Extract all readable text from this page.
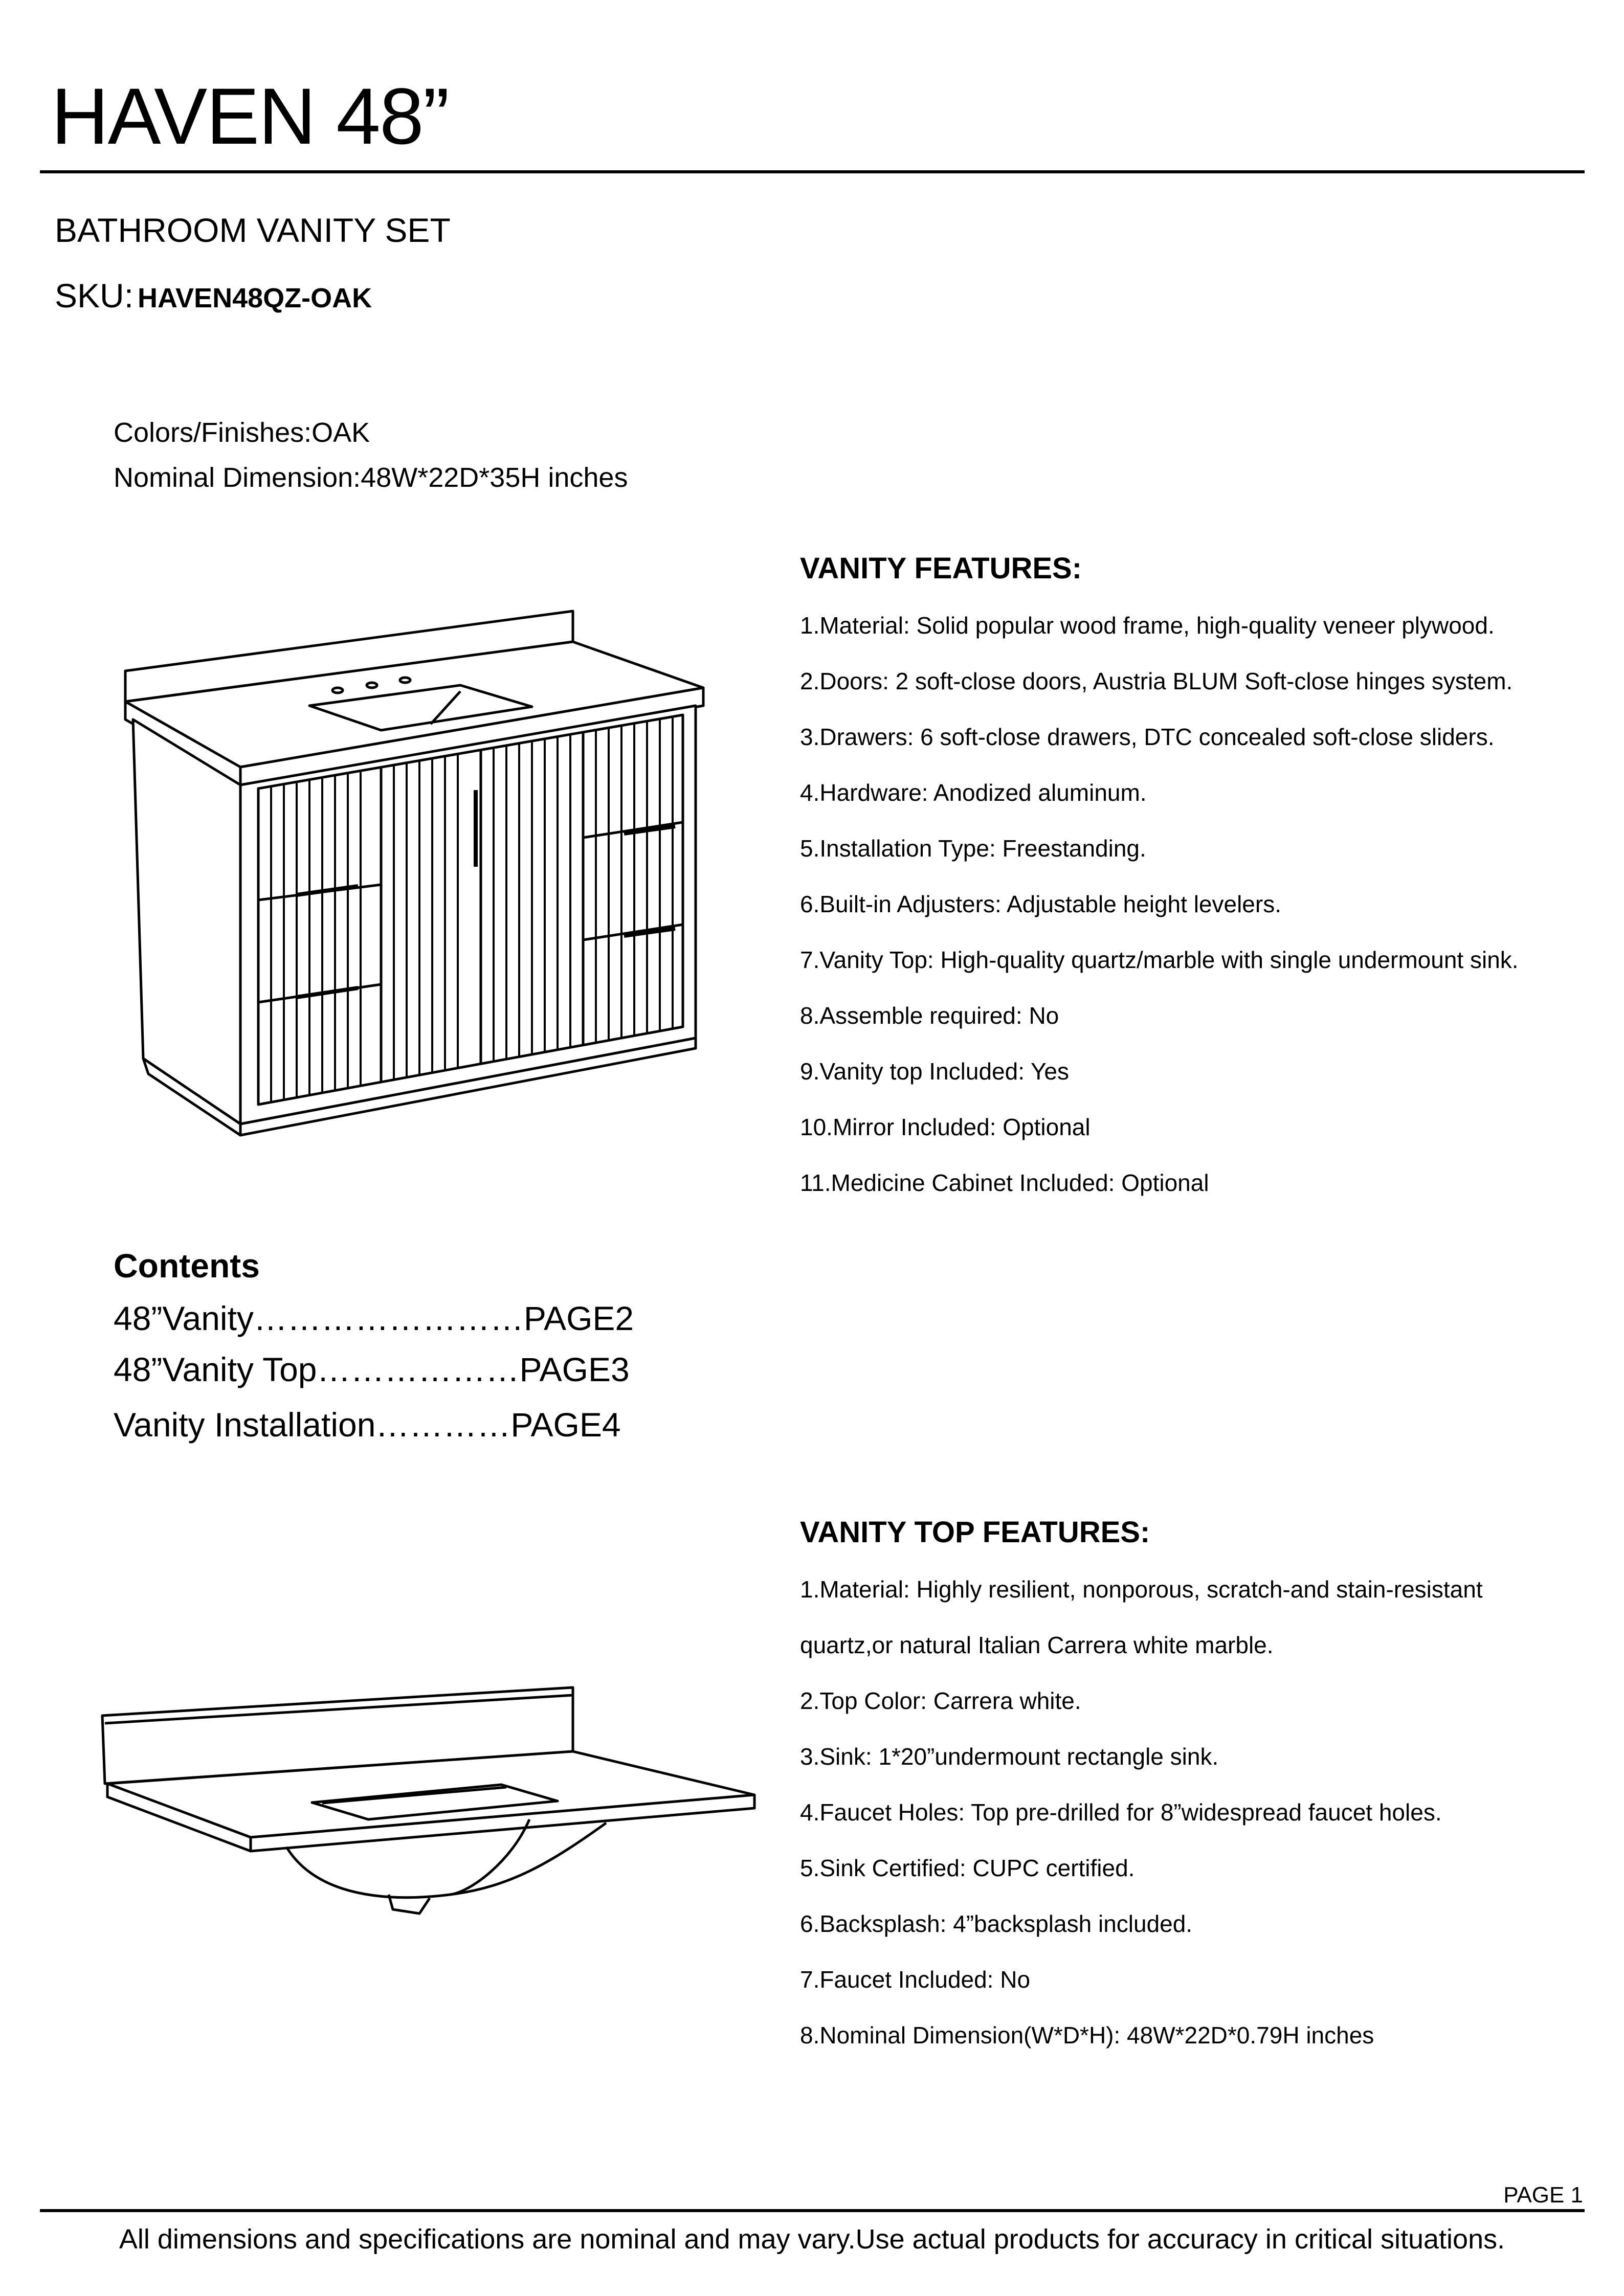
HAVEN 48”
BATHROOM VANITY SET
SKU: HAVEN48QZ-OAK
Colors/Finishes:OAK
Nominal Dimension:48W*22D*35H inches
VANITY FEATURES:
1.Material: Solid popular wood frame, high-quality veneer plywood.
2.Doors: 2 soft-close doors, Austria BLUM Soft-close hinges system.
3.Drawers: 6 soft-close drawers, DTC concealed soft-close sliders.
4.Hardware: Anodized aluminum.
5.Installation Type: Freestanding.
6.Built-in Adjusters: Adjustable height levelers.
7.Vanity Top: High-quality quartz/marble with single undermount sink.
8.Assemble required: No
9.Vanity top Included: Yes
10.Mirror Included: Optional
11.Medicine Cabinet Included: Optional
Contents
48”Vanity……………………PAGE2
48”Vanity Top………………PAGE3
Vanity Installation…………PAGE4
VANITY TOP FEATURES:
1.Material: Highly resilient, nonporous, scratch-and stain-resistant
quartz,or natural Italian Carrera white marble.
2.Top Color: Carrera white.
3.Sink: 1*20”undermount rectangle sink.
4.Faucet Holes: Top pre-drilled for 8”widespread faucet holes.
5.Sink Certified: CUPC certified.
6.Backsplash: 4”backsplash included.
7.Faucet Included: No
8.Nominal Dimension(W*D*H): 48W*22D*0.79H inches
PAGE 1
All dimensions and specifications are nominal and may vary.Use actual products for accuracy in critical situations.
